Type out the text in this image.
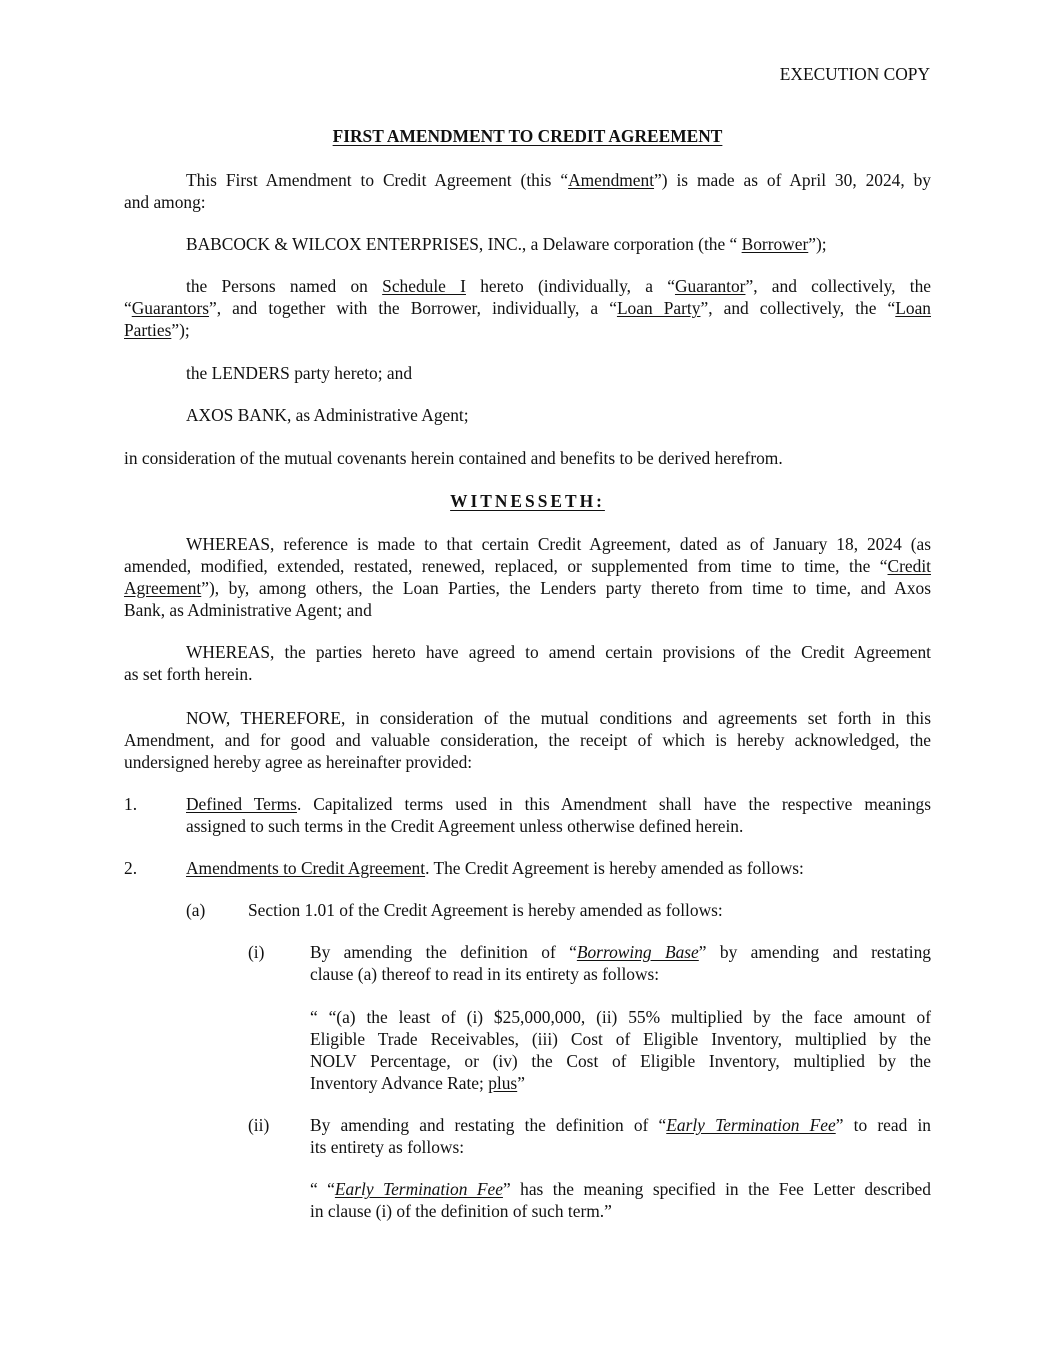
EXECUTION COPY
FIRST AMENDMENT TO CREDIT AGREEMENT
This First Amendment to Credit Agreement (this “Amendment”) is made as of April 30, 2024, by
and among:
BABCOCK & WILCOX ENTERPRISES, INC., a Delaware corporation (the “ Borrower”);
the Persons named on Schedule I hereto (individually, a “Guarantor”, and collectively, the
“Guarantors”, and together with the Borrower, individually, a “Loan Party”, and collectively, the “Loan
Parties”);
the LENDERS party hereto; and
AXOS BANK, as Administrative Agent;
in consideration of the mutual covenants herein contained and benefits to be derived herefrom.
WITNESSETH:
WHEREAS, reference is made to that certain Credit Agreement, dated as of January 18, 2024 (as
amended, modified, extended, restated, renewed, replaced, or supplemented from time to time, the “Credit
Agreement”), by, among others, the Loan Parties, the Lenders party thereto from time to time, and Axos
Bank, as Administrative Agent; and
WHEREAS, the parties hereto have agreed to amend certain provisions of the Credit Agreement
as set forth herein.
NOW, THEREFORE, in consideration of the mutual conditions and agreements set forth in this
Amendment, and for good and valuable consideration, the receipt of which is hereby acknowledged, the
undersigned hereby agree as hereinafter provided:
1.	Defined Terms. Capitalized terms used in this Amendment shall have the respective meanings
assigned to such terms in the Credit Agreement unless otherwise defined herein.
2.	Amendments to Credit Agreement. The Credit Agreement is hereby amended as follows:
(a) Section 1.01 of the Credit Agreement is hereby amended as follows:
(i)	By amending the definition of “Borrowing Base” by amending and restating
clause (a) thereof to read in its entirety as follows:
“ “(a) the least of (i) $25,000,000, (ii) 55% multiplied by the face amount of
Eligible Trade Receivables, (iii) Cost of Eligible Inventory, multiplied by the
NOLV Percentage, or (iv) the Cost of Eligible Inventory, multiplied by the
Inventory Advance Rate; plus”
(ii) By amending and restating the definition of “Early Termination Fee” to read in
its entirety as follows:
“ “Early Termination Fee” has the meaning specified in the Fee Letter described
in clause (i) of the definition of such term.”
